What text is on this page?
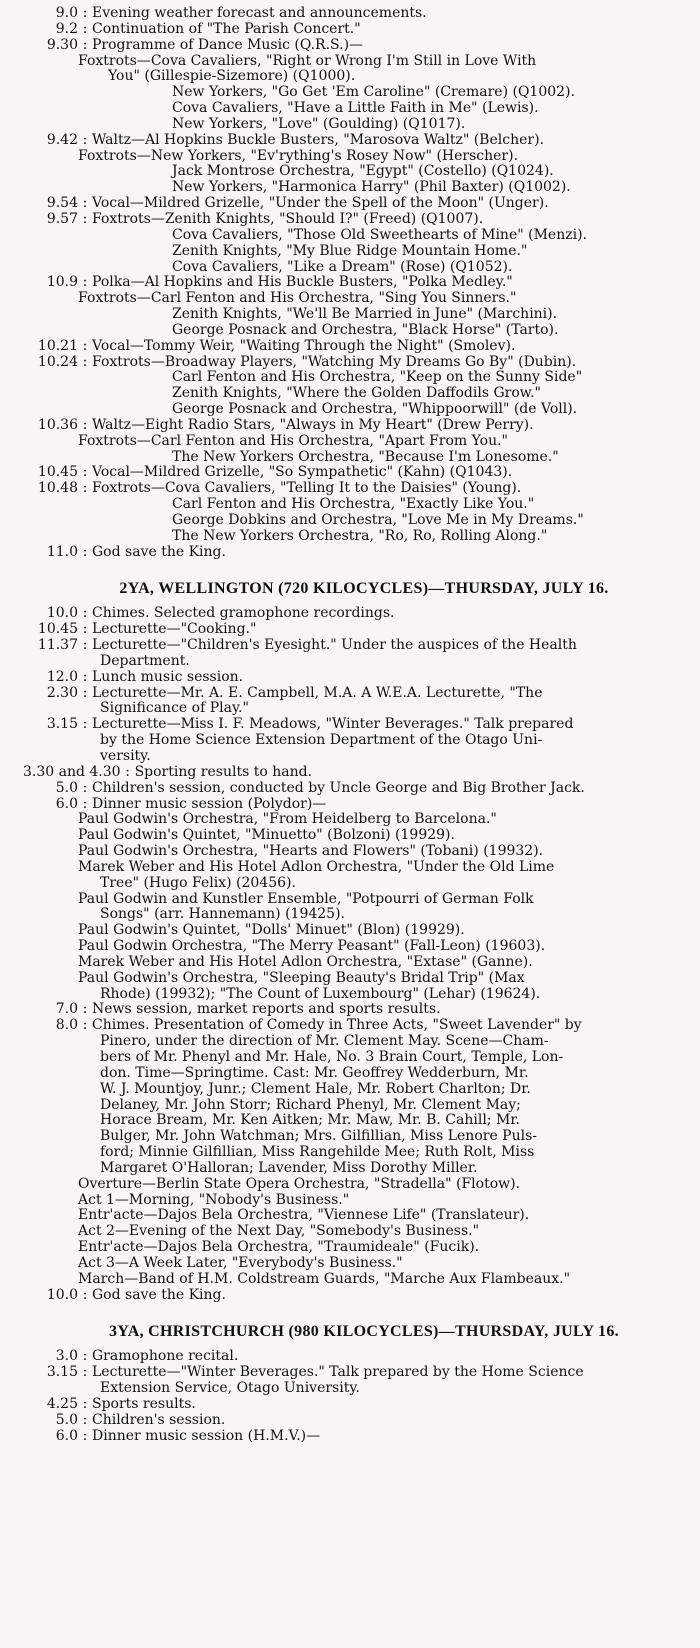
9.0 : Evening weather forecast and announcements.
9.2 : Continuation of "The Parish Concert."
9.30 : Programme of Dance Music (Q.R.S.)—
Foxtrots—Cova Cavaliers, "Right or Wrong I'm Still in Love With
You" (Gillespie-Sizemore) (Q1000).
New Yorkers, "Go Get 'Em Caroline" (Cremare) (Q1002).
Cova Cavaliers, "Have a Little Faith in Me" (Lewis).
New Yorkers, "Love" (Goulding) (Q1017).
9.42 : Waltz—Al Hopkins Buckle Busters, "Marosova Waltz" (Belcher).
Foxtrots—New Yorkers, "Ev'rything's Rosey Now" (Herscher).
Jack Montrose Orchestra, "Egypt" (Costello) (Q1024).
New Yorkers, "Harmonica Harry" (Phil Baxter) (Q1002).
9.54 : Vocal—Mildred Grizelle, "Under the Spell of the Moon" (Unger).
9.57 : Foxtrots—Zenith Knights, "Should I?" (Freed) (Q1007).
Cova Cavaliers, "Those Old Sweethearts of Mine" (Menzi).
Zenith Knights, "My Blue Ridge Mountain Home."
Cova Cavaliers, "Like a Dream" (Rose) (Q1052).
10.9 : Polka—Al Hopkins and His Buckle Busters, "Polka Medley."
Foxtrots—Carl Fenton and His Orchestra, "Sing You Sinners."
Zenith Knights, "We'll Be Married in June" (Marchini).
George Posnack and Orchestra, "Black Horse" (Tarto).
10.21 : Vocal—Tommy Weir, "Waiting Through the Night" (Smolev).
10.24 : Foxtrots—Broadway Players, "Watching My Dreams Go By" (Dubin).
Carl Fenton and His Orchestra, "Keep on the Sunny Side"
Zenith Knights, "Where the Golden Daffodils Grow."
George Posnack and Orchestra, "Whippoorwill" (de Voll).
10.36 : Waltz—Eight Radio Stars, "Always in My Heart" (Drew Perry).
Foxtrots—Carl Fenton and His Orchestra, "Apart From You."
The New Yorkers Orchestra, "Because I'm Lonesome."
10.45 : Vocal—Mildred Grizelle, "So Sympathetic" (Kahn) (Q1043).
10.48 : Foxtrots—Cova Cavaliers, "Telling It to the Daisies" (Young).
Carl Fenton and His Orchestra, "Exactly Like You."
George Dobkins and Orchestra, "Love Me in My Dreams."
The New Yorkers Orchestra, "Ro, Ro, Rolling Along."
11.0 : God save the King.
2YA, WELLINGTON (720 KILOCYCLES)—THURSDAY, JULY 16.
10.0 : Chimes. Selected gramophone recordings.
10.45 : Lecturette—"Cooking."
11.37 : Lecturette—"Children's Eyesight." Under the auspices of the Health
Department.
12.0 : Lunch music session.
2.30 : Lecturette—Mr. A. E. Campbell, M.A. A W.E.A. Lecturette, "The
Significance of Play."
3.15 : Lecturette—Miss I. F. Meadows, "Winter Beverages." Talk prepared
by the Home Science Extension Department of the Otago Uni-
versity.
3.30 and 4.30 : Sporting results to hand.
5.0 : Children's session, conducted by Uncle George and Big Brother Jack.
6.0 : Dinner music session (Polydor)—
Paul Godwin's Orchestra, "From Heidelberg to Barcelona."
Paul Godwin's Quintet, "Minuetto" (Bolzoni) (19929).
Paul Godwin's Orchestra, "Hearts and Flowers" (Tobani) (19932).
Marek Weber and His Hotel Adlon Orchestra, "Under the Old Lime
Tree" (Hugo Felix) (20456).
Paul Godwin and Kunstler Ensemble, "Potpourri of German Folk
Songs" (arr. Hannemann) (19425).
Paul Godwin's Quintet, "Dolls' Minuet" (Blon) (19929).
Paul Godwin Orchestra, "The Merry Peasant" (Fall-Leon) (19603).
Marek Weber and His Hotel Adlon Orchestra, "Extase" (Ganne).
Paul Godwin's Orchestra, "Sleeping Beauty's Bridal Trip" (Max
Rhode) (19932); "The Count of Luxembourg" (Lehar) (19624).
7.0 : News session, market reports and sports results.
8.0 : Chimes. Presentation of Comedy in Three Acts, "Sweet Lavender" by
Pinero, under the direction of Mr. Clement May. Scene—Cham-
bers of Mr. Phenyl and Mr. Hale, No. 3 Brain Court, Temple, Lon-
don. Time—Springtime. Cast: Mr. Geoffrey Wedderburn, Mr.
W. J. Mountjoy, Junr.; Clement Hale, Mr. Robert Charlton; Dr.
Delaney, Mr. John Storr; Richard Phenyl, Mr. Clement May;
Horace Bream, Mr. Ken Aitken; Mr. Maw, Mr. B. Cahill; Mr.
Bulger, Mr. John Watchman; Mrs. Gilfillian, Miss Lenore Puls-
ford; Minnie Gilfillian, Miss Rangehilde Mee; Ruth Rolt, Miss
Margaret O'Halloran; Lavender, Miss Dorothy Miller.
Overture—Berlin State Opera Orchestra, "Stradella" (Flotow).
Act 1—Morning, "Nobody's Business."
Entr'acte—Dajos Bela Orchestra, "Viennese Life" (Translateur).
Act 2—Evening of the Next Day, "Somebody's Business."
Entr'acte—Dajos Bela Orchestra, "Traumideale" (Fucik).
Act 3—A Week Later, "Everybody's Business."
March—Band of H.M. Coldstream Guards, "Marche Aux Flambeaux."
10.0 : God save the King.
3YA, CHRISTCHURCH (980 KILOCYCLES)—THURSDAY, JULY 16.
3.0 : Gramophone recital.
3.15 : Lecturette—"Winter Beverages." Talk prepared by the Home Science
Extension Service, Otago University.
4.25 : Sports results.
5.0 : Children's session.
6.0 : Dinner music session (H.M.V.)—
